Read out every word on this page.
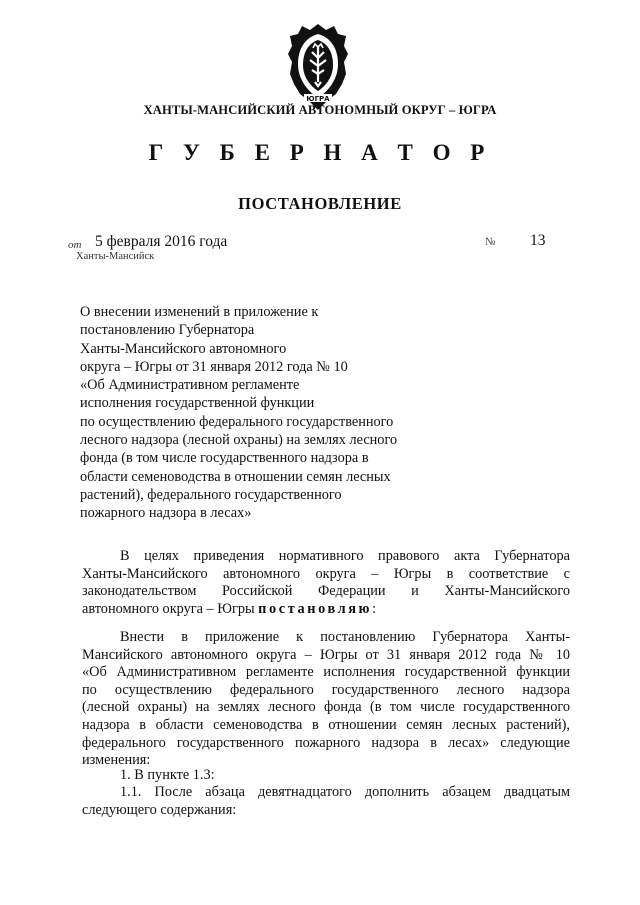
ЮГРА
ХАНТЫ-МАНСИЙСКИЙ АВТОНОМНЫЙ ОКРУГ – ЮГРА
Г У Б Е Р Н А Т О Р
ПОСТАНОВЛЕНИЕ
от 5 февраля 2016 года
Ханты-Мансийск
№ 13
О внесении изменений в приложение к
постановлению Губернатора
Ханты-Мансийского автономного
округа – Югры от 31 января 2012 года № 10
«Об Административном регламенте
исполнения государственной функции
по осуществлению федерального государственного
лесного надзора (лесной охраны) на землях лесного
фонда (в том числе государственного надзора в
области семеноводства в отношении семян лесных
растений), федерального государственного
пожарного надзора в лесах»
В целях приведения нормативного правового акта Губернатора
Ханты-Мансийского автономного округа – Югры в соответствие с
законодательством Российской Федерации и Ханты-Мансийского
автономного округа – Югры постановляю:
Внести в приложение к постановлению Губернатора Ханты-
Мансийского автономного округа – Югры от 31 января 2012 года № 10
«Об Административном регламенте исполнения государственной функции
по осуществлению федерального государственного лесного надзора
(лесной охраны) на землях лесного фонда (в том числе государственного
надзора в области семеноводства в отношении семян лесных растений),
федерального государственного пожарного надзора в лесах» следующие
изменения:
1. В пункте 1.3:
1.1. После абзаца девятнадцатого дополнить абзацем двадцатым
следующего содержания:
